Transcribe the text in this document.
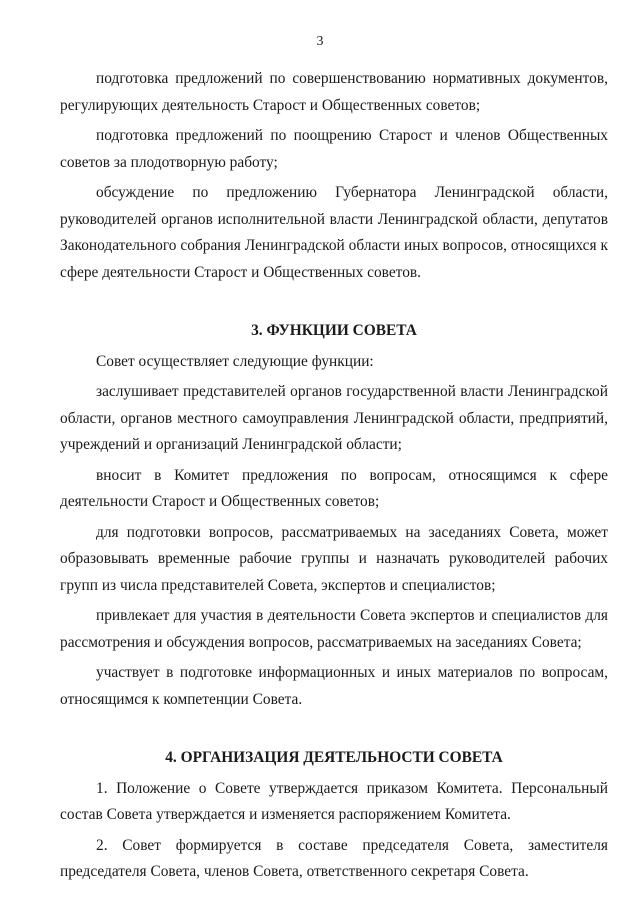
3

подготовка предложений по совершенствованию нормативных документов, регулирующих деятельность Старост и Общественных советов;

подготовка предложений по поощрению Старост и членов Общественных советов за плодотворную работу;

обсуждение по предложению Губернатора Ленинградской области, руководителей органов исполнительной власти Ленинградской области, депутатов Законодательного собрания Ленинградской области иных вопросов, относящихся к сфере деятельности Старост и Общественных советов.

3. ФУНКЦИИ СОВЕТА

Совет осуществляет следующие функции:

заслушивает представителей органов государственной власти Ленинградской области, органов местного самоуправления Ленинградской области, предприятий, учреждений и организаций Ленинградской области;

вносит в Комитет предложения по вопросам, относящимся к сфере деятельности Старост и Общественных советов;

для подготовки вопросов, рассматриваемых на заседаниях Совета, может образовывать временные рабочие группы и назначать руководителей рабочих групп из числа представителей Совета, экспертов и специалистов;

привлекает для участия в деятельности Совета экспертов и специалистов для рассмотрения и обсуждения вопросов, рассматриваемых на заседаниях Совета;

участвует в подготовке информационных и иных материалов по вопросам, относящимся к компетенции Совета.

4. ОРГАНИЗАЦИЯ ДЕЯТЕЛЬНОСТИ СОВЕТА

1. Положение о Совете утверждается приказом Комитета. Персональный состав Совета утверждается и изменяется распоряжением Комитета.

2. Совет формируется в составе председателя Совета, заместителя председателя Совета, членов Совета, ответственного секретаря Совета.
